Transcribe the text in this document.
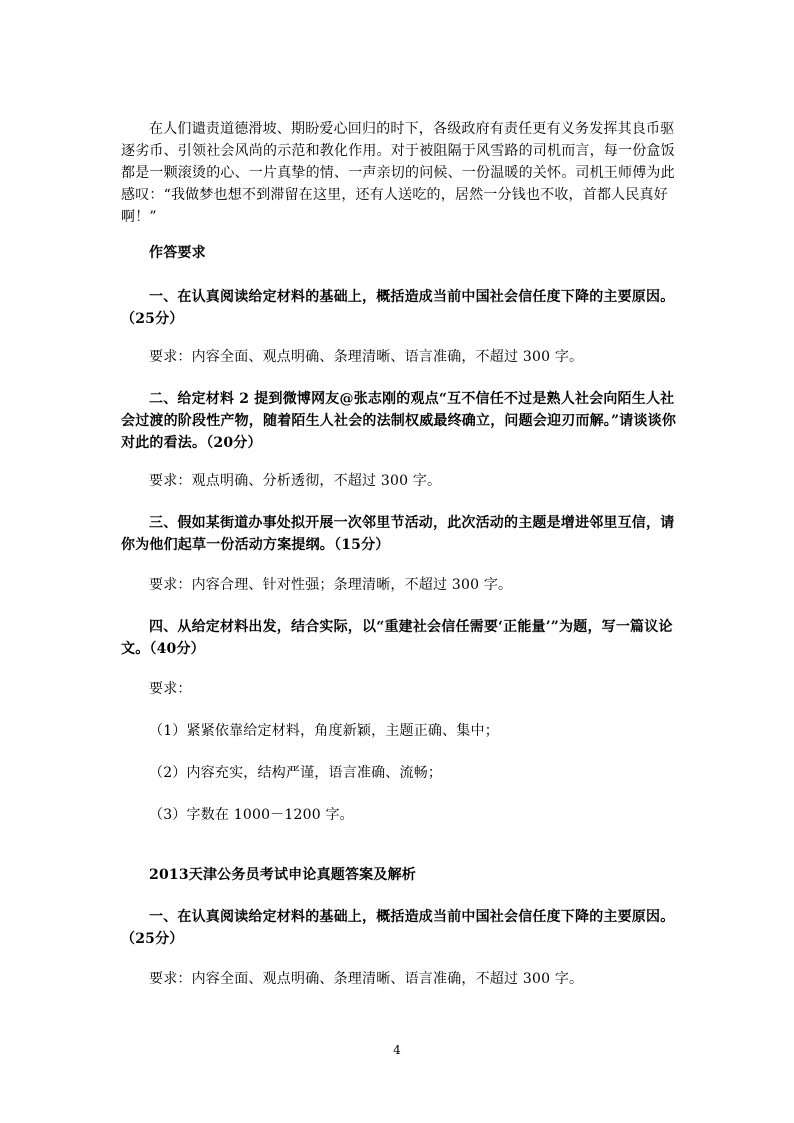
在人们谴责道德滑坡、期盼爱心回归的时下，各级政府有责任更有义务发挥其良币驱逐劣币、引领社会风尚的示范和教化作用。对于被阻隔于风雪路的司机而言，每一份盒饭都是一颗滚烫的心、一片真挚的情、一声亲切的问候、一份温暖的关怀。司机王师傅为此感叹：“我做梦也想不到滞留在这里，还有人送吃的，居然一分钱也不收，首都人民真好啊！”

作答要求

一、在认真阅读给定材料的基础上，概括造成当前中国社会信任度下降的主要原因。（25分）

要求：内容全面、观点明确、条理清晰、语言准确，不超过 300 字。

二、给定材料 2 提到微博网友@张志刚的观点“互不信任不过是熟人社会向陌生人社会过渡的阶段性产物，随着陌生人社会的法制权威最终确立，问题会迎刃而解。”请谈谈你对此的看法。（20分）

要求：观点明确、分析透彻，不超过 300 字。

三、假如某街道办事处拟开展一次邻里节活动，此次活动的主题是增进邻里互信，请你为他们起草一份活动方案提纲。（15分）

要求：内容合理、针对性强；条理清晰，不超过 300 字。

四、从给定材料出发，结合实际，以“重建社会信任需要‘正能量’”为题，写一篇议论文。（40分）

要求：

（1）紧紧依靠给定材料，角度新颖，主题正确、集中；

（2）内容充实，结构严谨，语言准确、流畅；

（3）字数在 1000－1200 字。

2013天津公务员考试申论真题答案及解析

一、在认真阅读给定材料的基础上，概括造成当前中国社会信任度下降的主要原因。（25分）

要求：内容全面、观点明确、条理清晰、语言准确，不超过 300 字。

4
